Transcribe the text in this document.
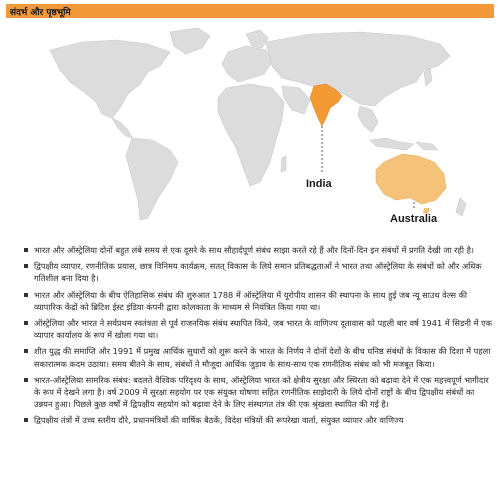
संदर्भ और पृष्ठभूमि
India
Australia
भारत और ऑस्ट्रेलिया दोनों बहुत लंबे समय से एक दूसरे के साथ सौहार्दपूर्ण संबंध साझा करते रहे हैं और दिनों-दिन इन संबंधों में प्रगति देखी जा रही है।
द्विपक्षीय व्यापार, रणनीतिक प्रयास, छात्र विनिमय कार्यक्रम, सतत् विकास के लिये समान प्रतिबद्धताओं ने भारत तथा ऑस्ट्रेलिया के संबंधों को और अधिक गतिशील बना दिया है।
भारत और ऑस्ट्रेलिया के बीच ऐतिहासिक संबंध की शुरुआत 1788 में ऑस्ट्रेलिया में यूरोपीय शासन की स्थापना के साथ हुई जब न्यू साउथ वेल्स की व्यापारिक केंद्रों को ब्रिटिश ईस्ट इंडिया कंपनी द्वारा कोलकाता के माध्यम से नियंत्रित किया गया था।
ऑस्ट्रेलिया और भारत ने सर्वप्रथम स्वतंत्रता से पूर्व राजनयिक संबंध स्थापित किये, जब भारत के वाणिज्य दूतावास को पहली बार वर्ष 1941 में सिडनी में एक व्यापार कार्यालय के रूप में खोला गया था।
शीत युद्ध की समाप्ति और 1991 में प्रमुख आर्थिक सुधारों को शुरू करने के भारत के निर्णय ने दोनों देशों के बीच घनिष्ठ संबंधों के विकास की दिशा में पहला सकारात्मक कदम उठाया। समय बीतने के साथ, संबंधों ने मौजूदा आर्थिक जुड़ाव के साथ-साथ एक रणनीतिक संबंध को भी मजबूत किया।
भारत-ऑस्ट्रेलिया सामरिक संबंध: बदलते वैश्विक परिदृश्य के साथ, ऑस्ट्रेलिया भारत को क्षेत्रीय सुरक्षा और स्थिरता को बढ़ावा देने में एक महत्त्वपूर्ण भागीदार के रूप में देखने लगा है। वर्ष 2009 में सुरक्षा सहयोग पर एक संयुक्त घोषणा सहित रणनीतिक साझेदारी के लिये दोनों राष्ट्रों के बीच द्विपक्षीय संबंधों का उन्नयन हुआ। पिछले कुछ वर्षों में द्विपक्षीय सहयोग को बढ़ावा देने के लिए संस्थागत तंत्र की एक श्रृंखला स्थापित की गई है।
द्विपक्षीय तंत्रों में उच्च स्तरीय दौरे, प्रधानमंत्रियों की वार्षिक बैठकें, विदेश मंत्रियों की रूपरेखा वार्ता, संयुक्त व्यापार और वाणिज्य
